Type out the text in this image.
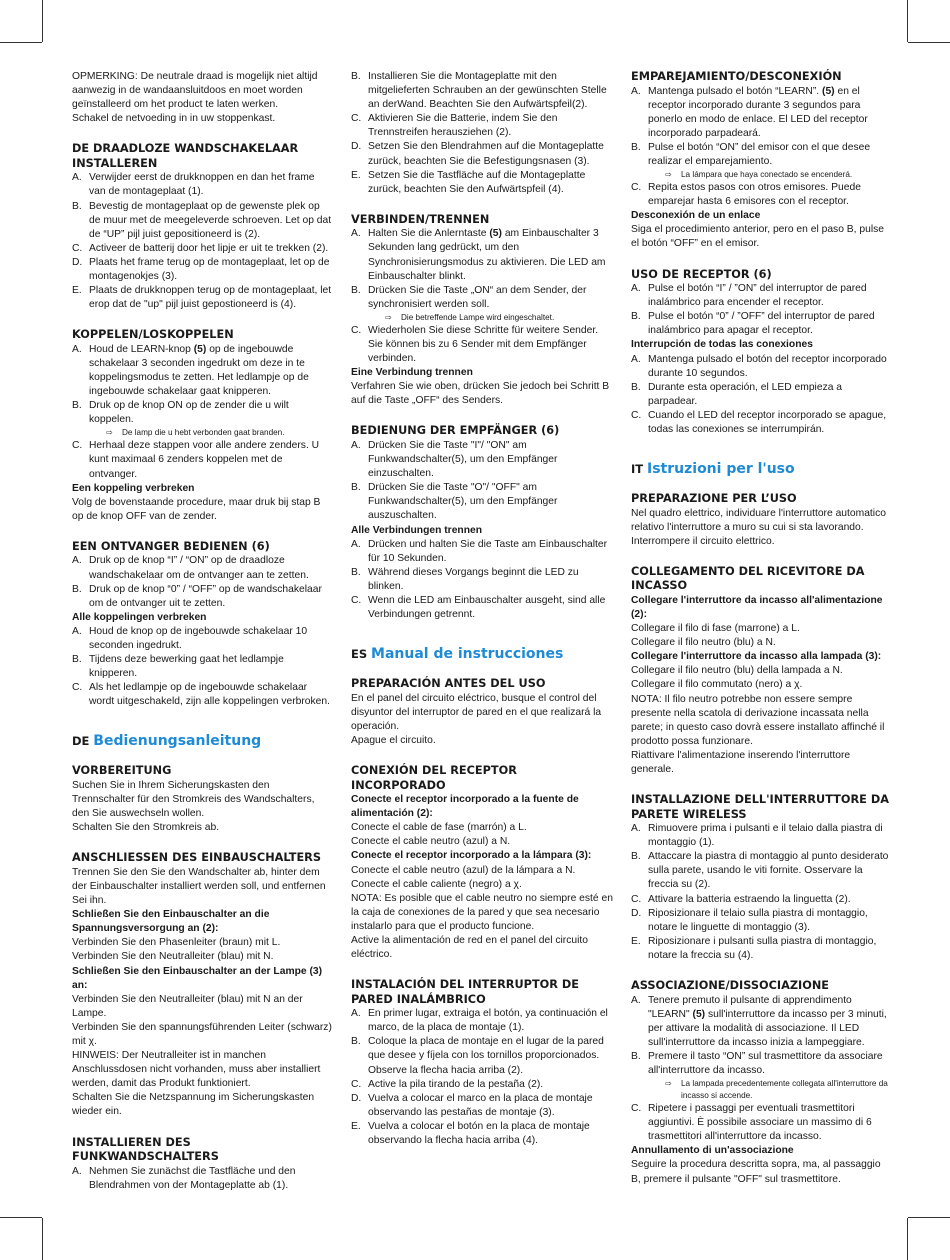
OPMERKING: De neutrale draad is mogelijk niet altijd aanwezig in de wandaansluitdoos en moet worden geïnstalleerd om het product te laten werken.

Schakel de netvoeding in in uw stoppenkast.

DE DRAADLOZE WANDSCHAKELAAR INSTALLEREN
A. Verwijder eerst de drukknoppen en dan het frame van de montageplaat (1).
B. Bevestig de montageplaat op de gewenste plek op de muur met de meegeleverde schroeven. Let op dat de “UP” pijl juist gepositioneerd is (2).
C. Activeer de batterij door het lipje er uit te trekken (2).
D. Plaats het frame terug op de montageplaat, let op de montagenokjes (3).
E. Plaats de drukknoppen terug op de montageplaat, let erop dat de "up" pijl juist gepostioneerd is (4).
KOPPELEN/LOSKOPPELEN
A. Houd de LEARN-knop (5) op de ingebouwde schakelaar 3 seconden ingedrukt om deze in te koppelingsmodus te zetten. Het ledlampje op de ingebouwde schakelaar gaat knipperen.
B. Druk op de knop ON op de zender die u wilt koppelen.
⇨	De lamp die u hebt verbonden gaat branden.
C. Herhaal deze stappen voor alle andere zenders. U kunt maximaal 6 zenders koppelen met de ontvanger.

Een koppeling verbreken

Volg de bovenstaande procedure, maar druk bij stap B op de knop OFF van de zender.

EEN ONTVANGER BEDIENEN (6)
A. Druk op de knop “I” / “ON” op de draadloze wandschakelaar om de ontvanger aan te zetten.
B. Druk op de knop “0” / “OFF” op de wandschakelaar om de ontvanger uit te zetten.

Alle koppelingen verbreken

A. Houd de knop op de ingebouwde schakelaar 10 seconden ingedrukt.
B. Tijdens deze bewerking gaat het ledlampje knipperen.
C. Als het ledlampje op de ingebouwde schakelaar wordt uitgeschakeld, zijn alle koppelingen verbroken.

DE Bedienungsanleitung

VORBEREITUNG

Suchen Sie in Ihrem Sicherungskasten den Trennschalter für den Stromkreis des Wandschalters, den Sie auswechseln wollen.

Schalten Sie den Stromkreis ab.

ANSCHLIESSEN DES EINBAUSCHALTERS

Trennen Sie den Sie den Wandschalter ab, hinter dem der Einbauschalter installiert werden soll, und entfernen Sei ihn.

Schließen Sie den Einbauschalter an die Spannungsversorgung an (2):

Verbinden Sie den Phasenleiter (braun) mit L.

Verbinden Sie den Neutralleiter (blau) mit N.

Schließen Sie den Einbauschalter an der Lampe (3) an:

Verbinden Sie den Neutralleiter (blau) mit N an der Lampe.

Verbinden Sie den spannungsführenden Leiter (schwarz) mit χ.

HINWEIS: Der Neutralleiter ist in manchen Anschlussdosen nicht vorhanden, muss aber installiert werden, damit das Produkt funktioniert.

Schalten Sie die Netzspannung im Sicherungskasten wieder ein.

INSTALLIEREN DES FUNKWANDSCHALTERS
A. Nehmen Sie zunächst die Tastfläche und den Blendrahmen von der Montageplatte ab (1).
B. Installieren Sie die Montageplatte mit den mitgelieferten Schrauben an der gewünschten Stelle an derWand. Beachten Sie den Aufwärtspfeil(2).
C. Aktivieren Sie die Batterie, indem Sie den Trennstreifen herausziehen (2).
D. Setzen Sie den Blendrahmen auf die Montageplatte zurück, beachten Sie die Befestigungsnasen (3).
E. Setzen Sie die Tastfläche auf die Montageplatte zurück, beachten Sie den Aufwärtspfeil (4).
VERBINDEN/TRENNEN
A. Halten Sie die Anlerntaste (5) am Einbauschalter 3 Sekunden lang gedrückt, um den Synchronisierungsmodus zu aktivieren. Die LED am Einbauschalter blinkt.
B. Drücken Sie die Taste „ON“ an dem Sender, der synchronisiert werden soll.
⇨	Die betreffende Lampe wird eingeschaltet.
C. Wiederholen Sie diese Schritte für weitere Sender. Sie können bis zu 6 Sender mit dem Empfänger verbinden.

Eine Verbindung trennen

Verfahren Sie wie oben, drücken Sie jedoch bei Schritt B auf die Taste „OFF“ des Senders.

BEDIENUNG DER EMPFÄNGER (6)
A. Drücken Sie die Taste "I"/ "ON" am Funkwandschalter(5), um den Empfänger einzuschalten.
B. Drücken Sie die Taste "O"/ "OFF" am Funkwandschalter(5), um den Empfänger auszuschalten.

Alle Verbindungen trennen

A. Drücken und halten Sie die Taste am Einbauschalter für 10 Sekunden.
B. Während dieses Vorgangs beginnt die LED zu blinken.
C. Wenn die LED am Einbauschalter ausgeht, sind alle Verbindungen getrennt.

ES Manual de instrucciones

PREPARACIÓN ANTES DEL USO

En el panel del circuito eléctrico, busque el control del disyuntor del interruptor de pared en el que realizará la operación.

Apague el circuito.

CONEXIÓN DEL RECEPTOR INCORPORADO

Conecte el receptor incorporado a la fuente de alimentación (2):

Conecte el cable de fase (marrón) a L.

Conecte el cable neutro (azul) a N.

Conecte el receptor incorporado a la lámpara (3):

Conecte el cable neutro (azul) de la lámpara a N.

Conecte el cable caliente (negro) a χ.

NOTA: Es posible que el cable neutro no siempre esté en la caja de conexiones de la pared y que sea necesario instalarlo para que el producto funcione.

Active la alimentación de red en el panel del circuito eléctrico.

INSTALACIÓN DEL INTERRUPTOR DE PARED INALÁMBRICO
A. En primer lugar, extraiga el botón, ya continuación el marco, de la placa de montaje (1).
B. Coloque la placa de montaje en el lugar de la pared que desee y fíjela con los tornillos proporcionados. Observe la flecha hacia arriba (2).
C. Active la pila tirando de la pestaña (2).
D. Vuelva a colocar el marco en la placa de montaje observando las pestañas de montaje (3).
E. Vuelva a colocar el botón en la placa de montaje observando la flecha hacia arriba (4).
EMPAREJAMIENTO/DESCONEXIÓN
A. Mantenga pulsado el botón “LEARN”. (5) en el receptor incorporado durante 3 segundos para ponerlo en modo de enlace. El LED del receptor incorporado parpadeará.
B. Pulse el botón “ON” del emisor con el que desee realizar el emparejamiento.
⇨	La lámpara que haya conectado se encenderá.
C. Repita estos pasos con otros emisores. Puede emparejar hasta 6 emisores con el receptor.

Desconexión de un enlace

Siga el procedimiento anterior, pero en el paso B, pulse el botón “OFF” en el emisor.

USO DE RECEPTOR (6)
A. Pulse el botón “I” / ”ON” del interruptor de pared inalámbrico para encender el receptor.
B. Pulse el botón “0” / ”OFF” del interruptor de pared inalámbrico para apagar el receptor.

Interrupción de todas las conexiones

A. Mantenga pulsado el botón del receptor incorporado durante 10 segundos.
B. Durante esta operación, el LED empieza a parpadear.
C. Cuando el LED del receptor incorporado se apague, todas las conexiones se interrumpirán.

IT Istruzioni per l'uso

PREPARAZIONE PER L’USO

Nel quadro elettrico, individuare l'interruttore automatico relativo l'interruttore a muro su cui si sta lavorando.

Interrompere il circuito elettrico.

COLLEGAMENTO DEL RICEVITORE DA INCASSO

Collegare l'interruttore da incasso all'alimentazione (2):

Collegare il filo di fase (marrone) a L.

Collegare il filo neutro (blu) a N.

Collegare l'interruttore da incasso alla lampada (3):

Collegare il filo neutro (blu) della lampada a N.

Collegare il filo commutato (nero) a χ.

NOTA: Il filo neutro potrebbe non essere sempre presente nella scatola di derivazione incassata nella parete; in questo caso dovrà essere installato affinché il prodotto possa funzionare.

Riattivare l'alimentazione inserendo l'interruttore generale.

INSTALLAZIONE DELL'INTERRUTTORE DA PARETE WIRELESS
A. Rimuovere prima i pulsanti e il telaio dalla piastra di montaggio (1).
B. Attaccare la piastra di montaggio al punto desiderato sulla parete, usando le viti fornite. Osservare la freccia su (2).
C. Attivare la batteria estraendo la linguetta (2).
D. Riposizionare il telaio sulla piastra di montaggio, notare le linguette di montaggio (3).
E. Riposizionare i pulsanti sulla piastra di montaggio, notare la freccia su (4).
ASSOCIAZIONE/DISSOCIAZIONE
A. Tenere premuto il pulsante di apprendimento "LEARN" (5) sull'interruttore da incasso per 3 minuti, per attivare la modalità di associazione. Il LED sull'interruttore da incasso inizia a lampeggiare.
B. Premere il tasto “ON” sul trasmettitore da associare all'interruttore da incasso.
⇨	La lampada precedentemente collegata all'interruttore da incasso si accende.
C. Ripetere i passaggi per eventuali trasmettitori aggiuntivi. È possibile associare un massimo di 6 trasmettitori all'interruttore da incasso.

Annullamento di un'associazione

Seguire la procedura descritta sopra, ma, al passaggio B, premere il pulsante "OFF" sul trasmettitore.
